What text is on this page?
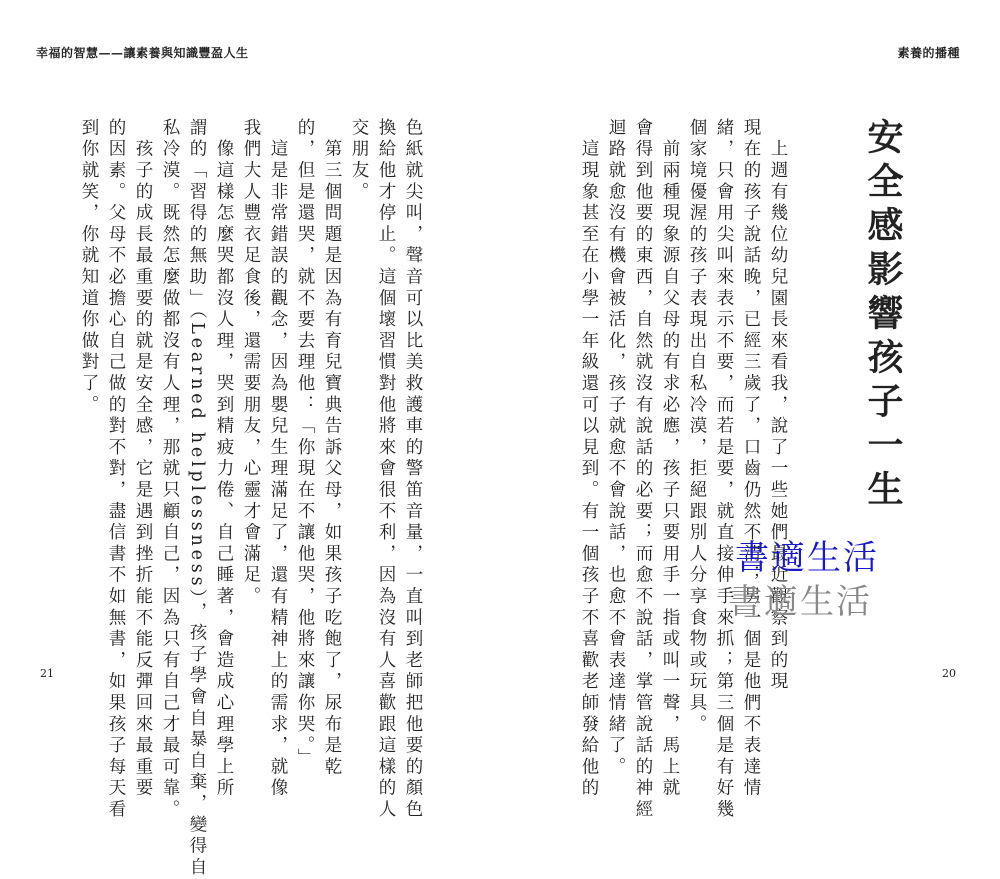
幸福的智慧——讓素養與知識豐盈人生	素養的播種
安全感影響孩子一生
　上週有幾位幼兒園長來看我，說了一些她們最近觀察到的現
現在的孩子說話晚，已經三歲了，口齒仍然不清；另一個是他們不表達情
緒，只會用尖叫來表示不要，而若是要，就直接伸手來抓；第三個是有好幾
個家境優渥的孩子表現出自私冷漠，拒絕跟別人分享食物或玩具。
　前兩種現象源自父母的有求必應，孩子只要用手一指或叫一聲，馬上就
會得到他要的東西，自然就沒有說話的必要；而愈不說話，掌管說話的神經
迴路就愈沒有機會被活化，孩子就愈不會說話，也愈不會表達情緒了。
　這現象甚至在小學一年級還可以見到。有一個孩子不喜歡老師發給他的
色紙就尖叫，聲音可以比美救護車的警笛音量，一直叫到老師把他要的顏色
換給他才停止。這個壞習慣對他將來會很不利，因為沒有人喜歡跟這樣的人
交朋友。
　第三個問題是因為有育兒寶典告訴父母，如果孩子吃飽了，尿布是乾
的，但是還哭，就不要去理他：「你現在不讓他哭，他將來讓你哭。」
　這是非常錯誤的觀念，因為嬰兒生理滿足了，還有精神上的需求，就像
我們大人豐衣足食後，還需要朋友，心靈才會滿足。
　像這樣怎麼哭都沒人理，哭到精疲力倦、自己睡著，會造成心理學上所
謂的「習得的無助」（Learned helplessness），孩子學會自暴自棄，變得自
私冷漠。既然怎麼做都沒有人理，那就只顧自己，因為只有自己才最可靠。
　孩子的成長最重要的就是安全感，它是遇到挫折能不能反彈回來最重要
的因素。父母不必擔心自己做的對不對，盡信書不如無書，如果孩子每天看
到你就笑，你就知道你做對了。
書適生活
書適生活
21	20
